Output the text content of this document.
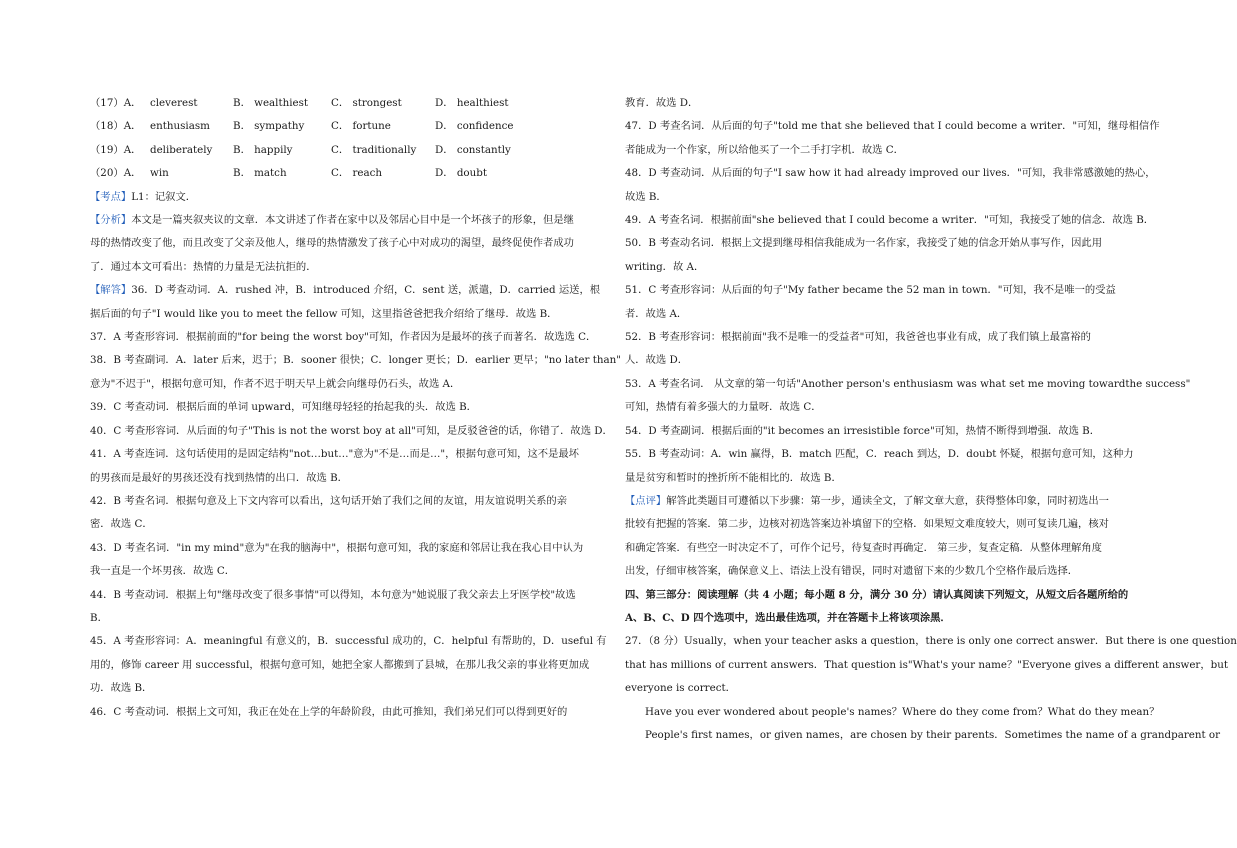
（17）A． cleverest	B． wealthiest	C． strongest	D． healthiest
（18）A． enthusiasm	B． sympathy	C． fortune	D． confidence
（19）A． deliberately	B． happily	C． traditionally	D． constantly
（20）A． win	B． match	C． reach	D． doubt
【考点】L1：记叙文．
【分析】本文是一篇夹叙夹议的文章．本文讲述了作者在家中以及邻居心目中是一个坏孩子的形象，但是继
母的热情改变了他，而且改变了父亲及他人，继母的热情激发了孩子心中对成功的渴望，最终促使作者成功
了．通过本文可看出：热情的力量是无法抗拒的．
【解答】36．D 考查动词．A．rushed 冲，B．introduced 介绍，C．sent 送，派遣，D．carried 运送，根
据后面的句子"I would like you to meet the fellow 可知，这里指爸爸把我介绍给了继母．故选 B．
37．A 考查形容词．根据前面的"for being the worst boy"可知，作者因为是最坏的孩子而著名．故选选 C．
38．B 考查副词．A．later 后来，迟于；B．sooner 很快；C．longer 更长；D．earlier 更早；"no later than"
意为"不迟于"，根据句意可知，作者不迟于明天早上就会向继母仍石头，故选 A．
39．C 考查动词．根据后面的单词 upward，可知继母轻轻的抬起我的头．故选 B．
40．C 考查形容词．从后面的句子"This is not the worst boy at all"可知，是反驳爸爸的话，你错了．故选 D．
41．A 考查连词．这句话使用的是固定结构"not…but…"意为"不是…而是…"，根据句意可知，这不是最坏
的男孩而是最好的男孩还没有找到热情的出口．故选 B．
42．B 考查名词．根据句意及上下文内容可以看出，这句话开始了我们之间的友谊，用友谊说明关系的亲
密．故选 C．
43．D 考查名词．"in my mind"意为"在我的脑海中"，根据句意可知，我的家庭和邻居让我在我心目中认为
我一直是一个坏男孩．故选 C．
44．B 考查动词．根据上句"继母改变了很多事情"可以得知，本句意为"她说服了我父亲去上牙医学校"故选
B．
45．A 考查形容词：A．meaningful 有意义的，B．successful 成功的，C．helpful 有帮助的，D．useful 有
用的，修饰 career 用 successful，根据句意可知，她把全家人都搬到了县城，在那儿我父亲的事业将更加成
功．故选 B．
46．C 考查动词．根据上文可知，我正在处在上学的年龄阶段，由此可推知，我们弟兄们可以得到更好的
教育．故选 D．
47．D 考查名词．从后面的句子"told me that she believed that I could become a writer．"可知，继母相信作
者能成为一个作家，所以给他买了一个二手打字机．故选 C．
48．D 考查动词．从后面的句子"I saw how it had already improved our lives．"可知，我非常感激她的热心，
故选 B．
49．A 考查名词．根据前面"she believed that I could become a writer．"可知，我接受了她的信念．故选 B．
50．B 考查动名词．根据上文提到继母相信我能成为一名作家，我接受了她的信念开始从事写作，因此用
writing．故 A．
51．C 考查形容词：从后面的句子"My father became the 52 man in town．"可知，我不是唯一的受益
者．故选 A．
52．B 考查形容词：根据前面"我不是唯一的受益者"可知，我爸爸也事业有成，成了我们镇上最富裕的
人．故选 D．
53．A 考查名词． 从文章的第一句话"Another person's enthusiasm was what set me moving towardthe success"
可知，热情有着多强大的力量呀．故选 C．
54．D 考查副词．根据后面的"it becomes an irresistible force"可知，热情不断得到增强．故选 B．
55．B 考查动词：A．win 赢得，B．match 匹配，C．reach 到达，D．doubt 怀疑，根据句意可知，这种力
量是贫穷和暂时的挫折所不能相比的．故选 B．
【点评】解答此类题目可遵循以下步骤：第一步，通读全文，了解文章大意，获得整体印象，同时初选出一
批较有把握的答案．第二步，边核对初选答案边补填留下的空格．如果短文难度较大，则可复读几遍，核对
和确定答案．有些空一时决定不了，可作个记号，待复查时再确定． 第三步，复查定稿．从整体理解角度
出发，仔细审核答案，确保意义上、语法上没有错误，同时对遗留下来的少数几个空格作最后选择．
四、第三部分：阅读理解（共 4 小题；每小题 8 分，满分 30 分）请认真阅读下列短文，从短文后各题所给的
A、B、C、D 四个选项中，选出最佳选项，并在答题卡上将该项涂黑．
27．（8 分）Usually，when your teacher asks a question，there is only one correct answer．But there is one question
that has millions of current answers．That question is"What's your name？"Everyone gives a different answer，but
everyone is correct．
Have you ever wondered about people's names？Where do they come from？What do they mean？
People's first names，or given names，are chosen by their parents．Sometimes the name of a grandparent or
